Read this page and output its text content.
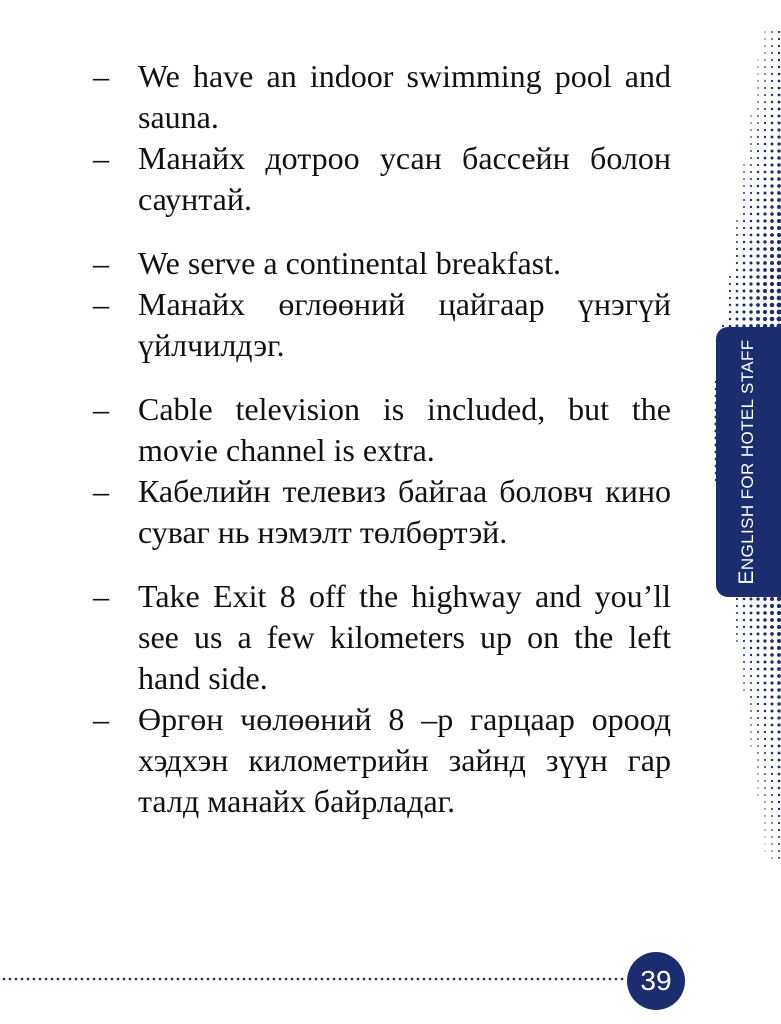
ENGLISH FOR HOTEL STAFF
– We have an indoor swimming pool and sauna.
– Манайх дотроо усан бассейн болон саунтай.
– We serve a continental breakfast.
– Манайх өглөөний цайгаар үнэгүй үйлчилдэг.
– Cable television is included, but the movie channel is extra.
– Кабелийн телевиз байгаа боловч кино суваг нь нэмэлт төлбөртэй.
– Take Exit 8 off the highway and you’ll see us a few kilometers up on the left hand side.
– Өргөн чөлөөний 8 –р гарцаар ороод хэдхэн километрийн зайнд зүүн гар талд манайх байрладаг.
39
